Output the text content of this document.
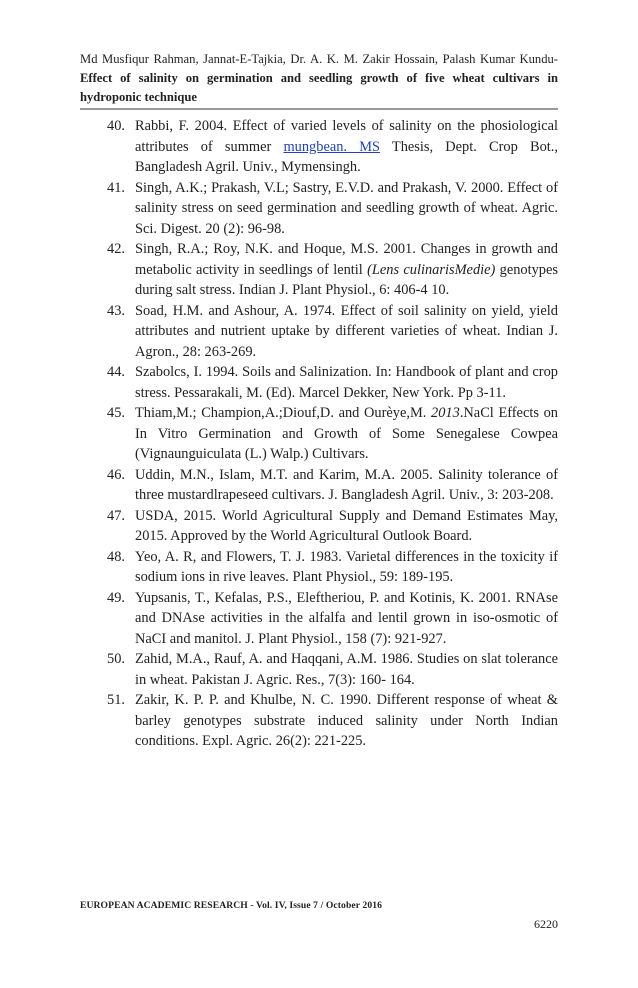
Md Musfiqur Rahman, Jannat-E-Tajkia, Dr. A. K. M. Zakir Hossain, Palash Kumar Kundu- Effect of salinity on germination and seedling growth of five wheat cultivars in hydroponic technique
40. Rabbi, F. 2004. Effect of varied levels of salinity on the phosiological attributes of summer mungbean. MS Thesis, Dept. Crop Bot., Bangladesh Agril. Univ., Mymensingh.
41. Singh, A.K.; Prakash, V.L; Sastry, E.V.D. and Prakash, V. 2000. Effect of salinity stress on seed germination and seedling growth of wheat. Agric. Sci. Digest. 20 (2): 96-98.
42. Singh, R.A.; Roy, N.K. and Hoque, M.S. 2001. Changes in growth and metabolic activity in seedlings of lentil (Lens culinarisMedie) genotypes during salt stress. Indian J. Plant Physiol., 6: 406-4 10.
43. Soad, H.M. and Ashour, A. 1974. Effect of soil salinity on yield, yield attributes and nutrient uptake by different varieties of wheat. Indian J. Agron., 28: 263-269.
44. Szabolcs, I. 1994. Soils and Salinization. In: Handbook of plant and crop stress. Pessarakali, M. (Ed). Marcel Dekker, New York. Pp 3-11.
45. Thiam,M.; Champion,A.;Diouf,D. and Ourèye,M. 2013.NaCl Effects on In Vitro Germination and Growth of Some Senegalese Cowpea (Vignaunguiculata (L.) Walp.) Cultivars.
46. Uddin, M.N., Islam, M.T. and Karim, M.A. 2005. Salinity tolerance of three mustardlrapeseed cultivars. J. Bangladesh Agril. Univ., 3: 203-208.
47. USDA, 2015. World Agricultural Supply and Demand Estimates May, 2015. Approved by the World Agricultural Outlook Board.
48. Yeo, A. R, and Flowers, T. J. 1983. Varietal differences in the toxicity if sodium ions in rive leaves. Plant Physiol., 59: 189-195.
49. Yupsanis, T., Kefalas, P.S., Eleftheriou, P. and Kotinis, K. 2001. RNAse and DNAse activities in the alfalfa and lentil grown in iso-osmotic of NaCI and manitol. J. Plant Physiol., 158 (7): 921-927.
50. Zahid, M.A., Rauf, A. and Haqqani, A.M. 1986. Studies on slat tolerance in wheat. Pakistan J. Agric. Res., 7(3): 160- 164.
51. Zakir, K. P. P. and Khulbe, N. C. 1990. Different response of wheat & barley genotypes substrate induced salinity under North Indian conditions. Expl. Agric. 26(2): 221-225.
EUROPEAN ACADEMIC RESEARCH - Vol. IV, Issue 7 / October 2016
6220
